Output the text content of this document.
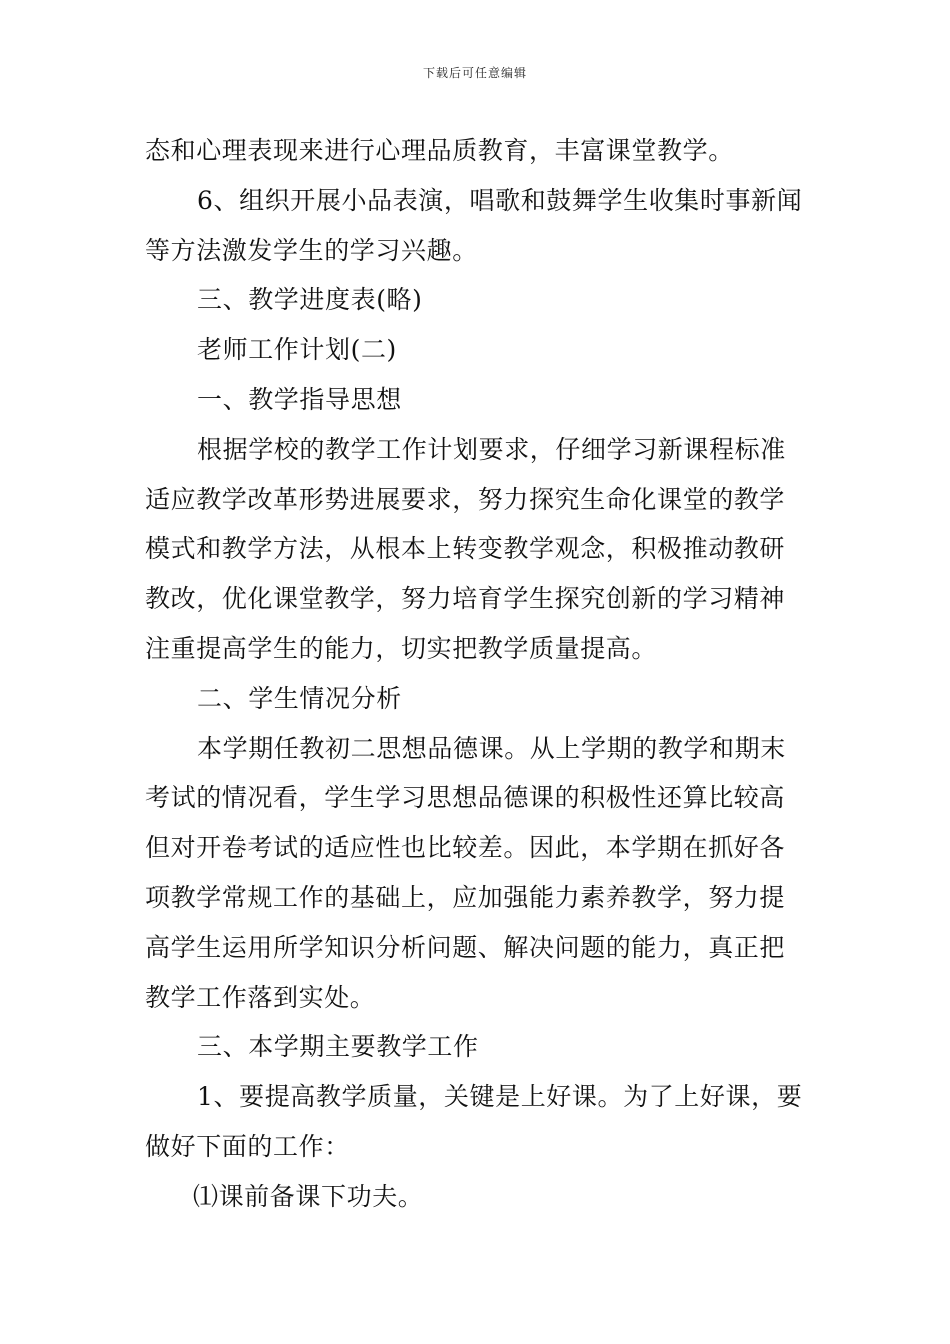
下载后可任意编辑
态和心理表现来进行心理品质教育，丰富课堂教学。
6、组织开展小品表演，唱歌和鼓舞学生收集时事新闻
等方法激发学生的学习兴趣。
三、教学进度表(略)
老师工作计划(二)
一、教学指导思想
根据学校的教学工作计划要求，仔细学习新课程标准
适应教学改革形势进展要求，努力探究生命化课堂的教学
模式和教学方法，从根本上转变教学观念，积极推动教研
教改，优化课堂教学，努力培育学生探究创新的学习精神
注重提高学生的能力，切实把教学质量提高。
二、学生情况分析
本学期任教初二思想品德课。从上学期的教学和期末
考试的情况看，学生学习思想品德课的积极性还算比较高
但对开卷考试的适应性也比较差。因此，本学期在抓好各
项教学常规工作的基础上，应加强能力素养教学，努力提
高学生运用所学知识分析问题、解决问题的能力，真正把
教学工作落到实处。
三、本学期主要教学工作
1、要提高教学质量，关键是上好课。为了上好课，要
做好下面的工作：
⑴课前备课下功夫。
